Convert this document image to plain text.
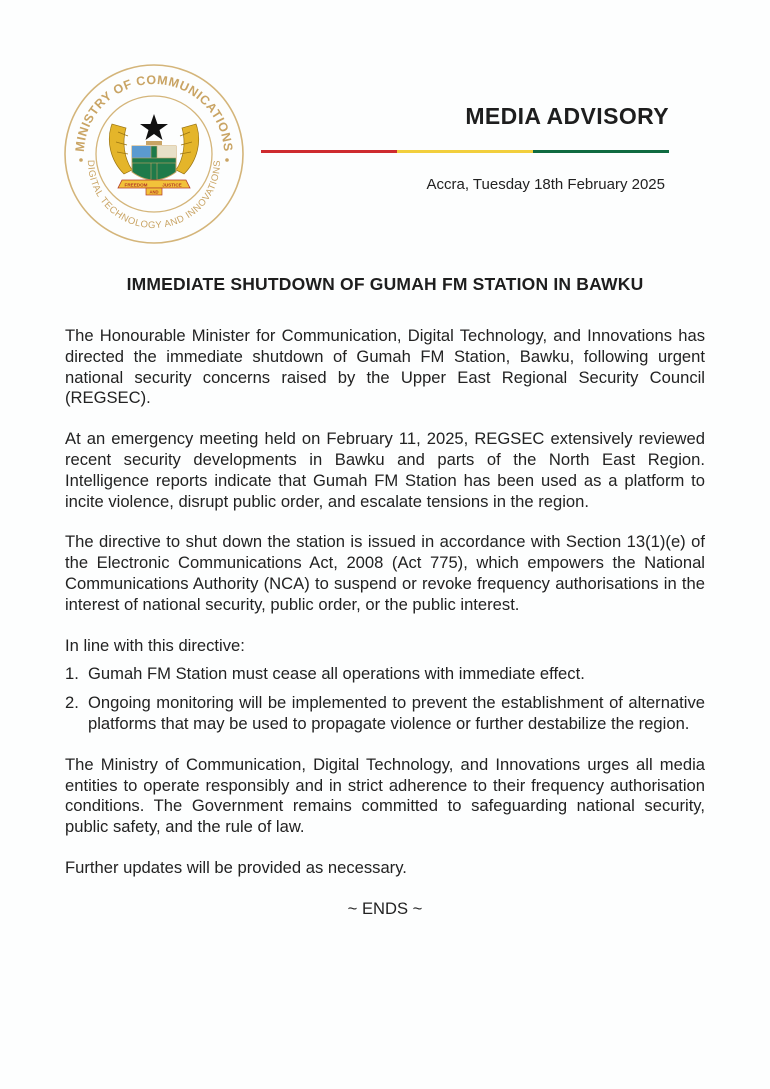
MINISTRY OF COMMUNICATIONS
DIGITAL TECHNOLOGY AND INNOVATIONS
FREEDOM	JUSTICE
AND
MEDIA ADVISORY
Accra, Tuesday 18th February 2025
IMMEDIATE SHUTDOWN OF GUMAH FM STATION IN BAWKU

The Honourable Minister for Communication, Digital Technology, and Innovations has directed the immediate shutdown of Gumah FM Station, Bawku, following urgent national security concerns raised by the Upper East Regional Security Council (REGSEC).

At an emergency meeting held on February 11, 2025, REGSEC extensively reviewed recent security developments in Bawku and parts of the North East Region. Intelligence reports indicate that Gumah FM Station has been used as a platform to incite violence, disrupt public order, and escalate tensions in the region.

The directive to shut down the station is issued in accordance with Section 13(1)(e) of the Electronic Communications Act, 2008 (Act 775), which empowers the National Communications Authority (NCA) to suspend or revoke frequency authorisations in the interest of national security, public order, or the public interest.

In line with this directive:

1. Gumah FM Station must cease all operations with immediate effect.
2. Ongoing monitoring will be implemented to prevent the establishment of alternative platforms that may be used to propagate violence or further destabilize the region.

The Ministry of Communication, Digital Technology, and Innovations urges all media entities to operate responsibly and in strict adherence to their frequency authorisation conditions. The Government remains committed to safeguarding national security, public safety, and the rule of law.

Further updates will be provided as necessary.

~ ENDS ~
